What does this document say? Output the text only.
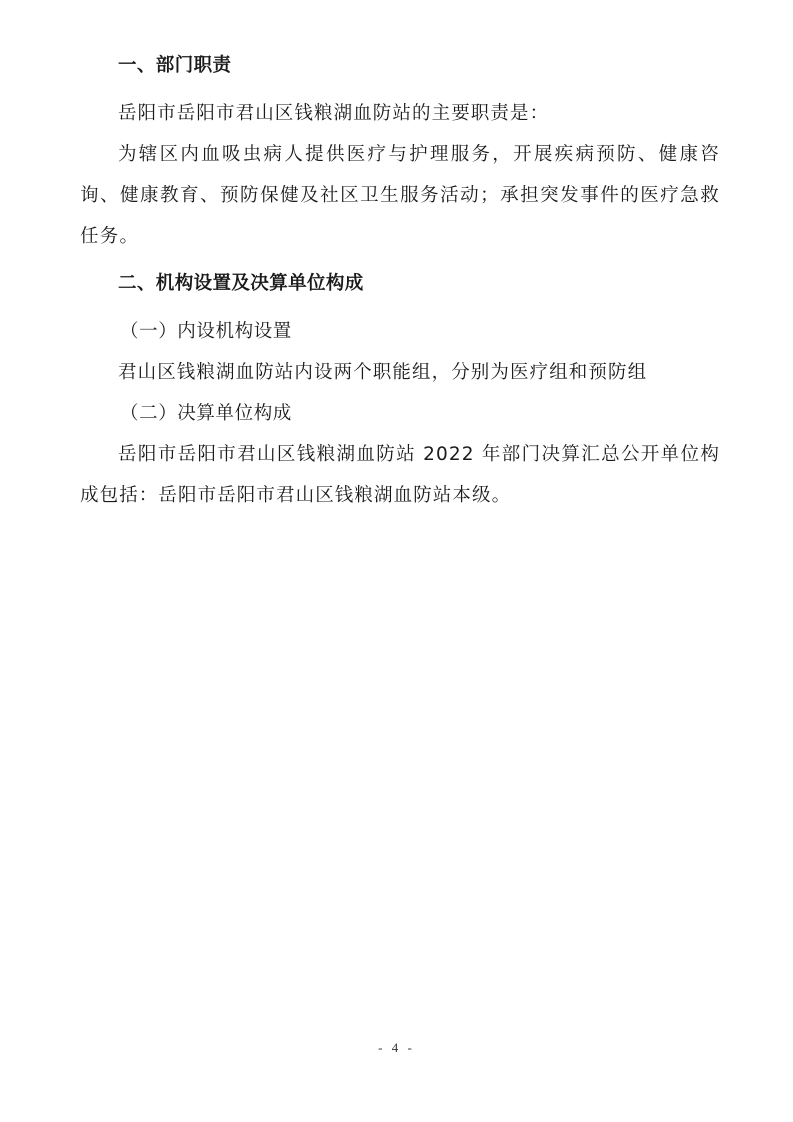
一、部门职责

岳阳市岳阳市君山区钱粮湖血防站的主要职责是：

为辖区内血吸虫病人提供医疗与护理服务，开展疾病预防、健康咨询、健康教育、预防保健及社区卫生服务活动；承担突发事件的医疗急救任务。

二、机构设置及决算单位构成

（一）内设机构设置

君山区钱粮湖血防站内设两个职能组，分别为医疗组和预防组

（二）决算单位构成

岳阳市岳阳市君山区钱粮湖血防站 2022 年部门决算汇总公开单位构成包括：岳阳市岳阳市君山区钱粮湖血防站本级。

- 4 -
